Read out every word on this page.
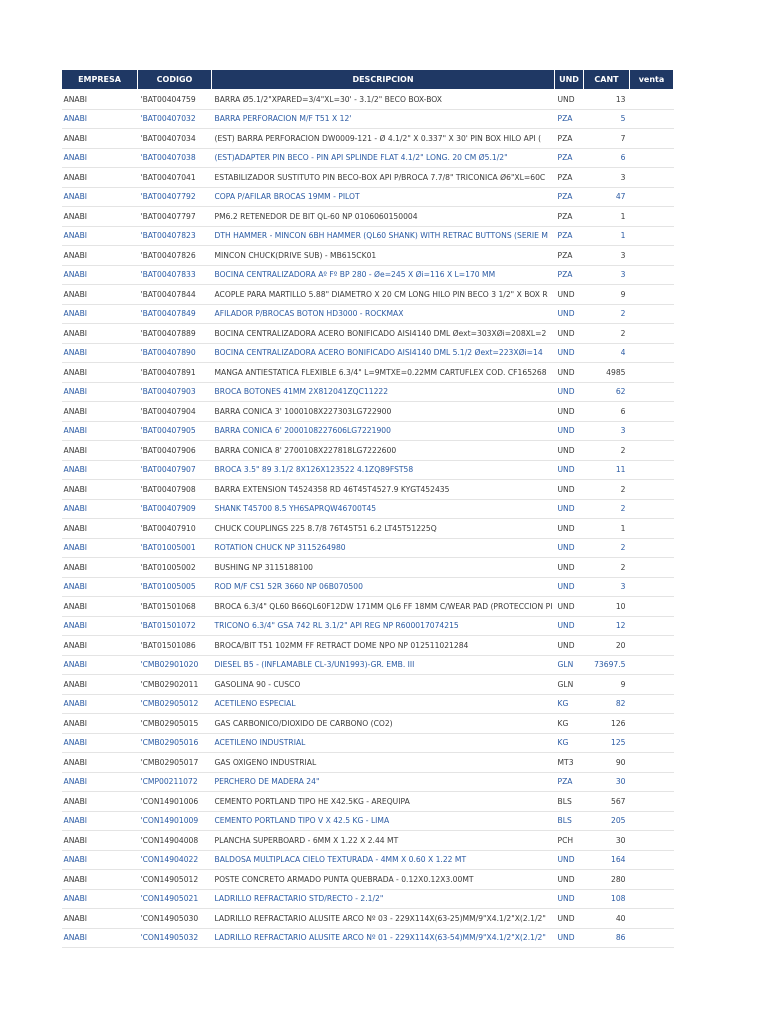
EMPRESA	CODIGO	DESCRIPCION	UND	CANT	venta
ANABI	'BAT00404759	BARRA Ø5.1/2"XPARED=3/4"XL=30' - 3.1/2" BECO BOX-BOX	UND	13	
ANABI	'BAT00407032	BARRA PERFORACION M/F T51 X 12'	PZA	5	
ANABI	'BAT00407034	(EST) BARRA PERFORACION DW0009-121 - Ø 4.1/2" X 0.337" X 30' PIN BOX HILO API (	PZA	7	
ANABI	'BAT00407038	(EST)ADAPTER PIN BECO - PIN API SPLINDE FLAT 4.1/2" LONG. 20 CM Ø5.1/2"	PZA	6	
ANABI	'BAT00407041	ESTABILIZADOR SUSTITUTO PIN BECO-BOX API P/BROCA 7.7/8" TRICONICA Ø6"XL=60C	PZA	3	
ANABI	'BAT00407792	COPA P/AFILAR BROCAS 19MM - PILOT	PZA	47	
ANABI	'BAT00407797	PM6.2 RETENEDOR DE BIT QL-60 NP 0106060150004	PZA	1	
ANABI	'BAT00407823	DTH HAMMER - MINCON 6BH HAMMER (QL60 SHANK) WITH RETRAC BUTTONS (SERIE M	PZA	1	
ANABI	'BAT00407826	MINCON CHUCK(DRIVE SUB) - MB615CK01	PZA	3	
ANABI	'BAT00407833	BOCINA CENTRALIZADORA Aº Fº BP 280 - Øe=245 X Øi=116 X L=170 MM	PZA	3	
ANABI	'BAT00407844	ACOPLE PARA MARTILLO 5.88" DIAMETRO X 20 CM LONG HILO PIN BECO 3 1/2" X BOX R	UND	9	
ANABI	'BAT00407849	AFILADOR P/BROCAS BOTON HD3000 - ROCKMAX	UND	2	
ANABI	'BAT00407889	BOCINA CENTRALIZADORA ACERO BONIFICADO AISI4140 DML Øext=303XØi=208XL=2	UND	2	
ANABI	'BAT00407890	BOCINA CENTRALIZADORA ACERO BONIFICADO AISI4140 DML 5.1/2 Øext=223XØi=14	UND	4	
ANABI	'BAT00407891	MANGA ANTIESTATICA FLEXIBLE 6.3/4" L=9MTXE=0.22MM CARTUFLEX COD. CF165268	UND	4985	
ANABI	'BAT00407903	BROCA BOTONES 41MM 2X812041ZQC11222	UND	62	
ANABI	'BAT00407904	BARRA CONICA 3' 1000108X227303LG722900	UND	6	
ANABI	'BAT00407905	BARRA CONICA 6' 2000108227606LG7221900	UND	3	
ANABI	'BAT00407906	BARRA CONICA 8' 2700108X227818LG7222600	UND	2	
ANABI	'BAT00407907	BROCA 3.5" 89 3.1/2 8X126X123522 4.1ZQ89FST58	UND	11	
ANABI	'BAT00407908	BARRA EXTENSION T4524358 RD 46T45T4527.9 KYGT452435	UND	2	
ANABI	'BAT00407909	SHANK T45700 8.5 YH6SAPRQW46700T45	UND	2	
ANABI	'BAT00407910	CHUCK COUPLINGS 225 8.7/8 76T45T51 6.2 LT45T51225Q	UND	1	
ANABI	'BAT01005001	ROTATION CHUCK NP 3115264980	UND	2	
ANABI	'BAT01005002	BUSHING NP 3115188100	UND	2	
ANABI	'BAT01005005	ROD M/F CS1 52R 3660 NP 06B070500	UND	3	
ANABI	'BAT01501068	BROCA 6.3/4" QL60 B66QL60F12DW 171MM QL6 FF 18MM C/WEAR PAD (PROTECCION PI	UND	10	
ANABI	'BAT01501072	TRICONO 6.3/4" GSA 742 RL 3.1/2" API REG NP R600017074215	UND	12	
ANABI	'BAT01501086	BROCA/BIT T51 102MM FF RETRACT DOME NPO NP 012511021284	UND	20	
ANABI	'CMB02901020	DIESEL B5 - (INFLAMABLE CL-3/UN1993)-GR. EMB. III	GLN	73697.5	
ANABI	'CMB02902011	GASOLINA 90 - CUSCO	GLN	9	
ANABI	'CMB02905012	ACETILENO ESPECIAL	KG	82	
ANABI	'CMB02905015	GAS CARBONICO/DIOXIDO DE CARBONO (CO2)	KG	126	
ANABI	'CMB02905016	ACETILENO INDUSTRIAL	KG	125	
ANABI	'CMB02905017	GAS OXIGENO INDUSTRIAL	MT3	90	
ANABI	'CMP00211072	PERCHERO DE MADERA 24"	PZA	30	
ANABI	'CON14901006	CEMENTO PORTLAND TIPO HE X42.5KG - AREQUIPA	BLS	567	
ANABI	'CON14901009	CEMENTO PORTLAND TIPO V X 42.5 KG - LIMA	BLS	205	
ANABI	'CON14904008	PLANCHA SUPERBOARD - 6MM X 1.22 X 2.44 MT	PCH	30	
ANABI	'CON14904022	BALDOSA MULTIPLACA CIELO TEXTURADA - 4MM X 0.60 X 1.22 MT	UND	164	
ANABI	'CON14905012	POSTE CONCRETO ARMADO PUNTA QUEBRADA - 0.12X0.12X3.00MT	UND	280	
ANABI	'CON14905021	LADRILLO REFRACTARIO STD/RECTO - 2.1/2"	UND	108	
ANABI	'CON14905030	LADRILLO REFRACTARIO ALUSITE ARCO Nº 03 - 229X114X(63-25)MM/9"X4.1/2"X(2.1/2"	UND	40	
ANABI	'CON14905032	LADRILLO REFRACTARIO ALUSITE ARCO Nº 01 - 229X114X(63-54)MM/9"X4.1/2"X(2.1/2"	UND	86	
